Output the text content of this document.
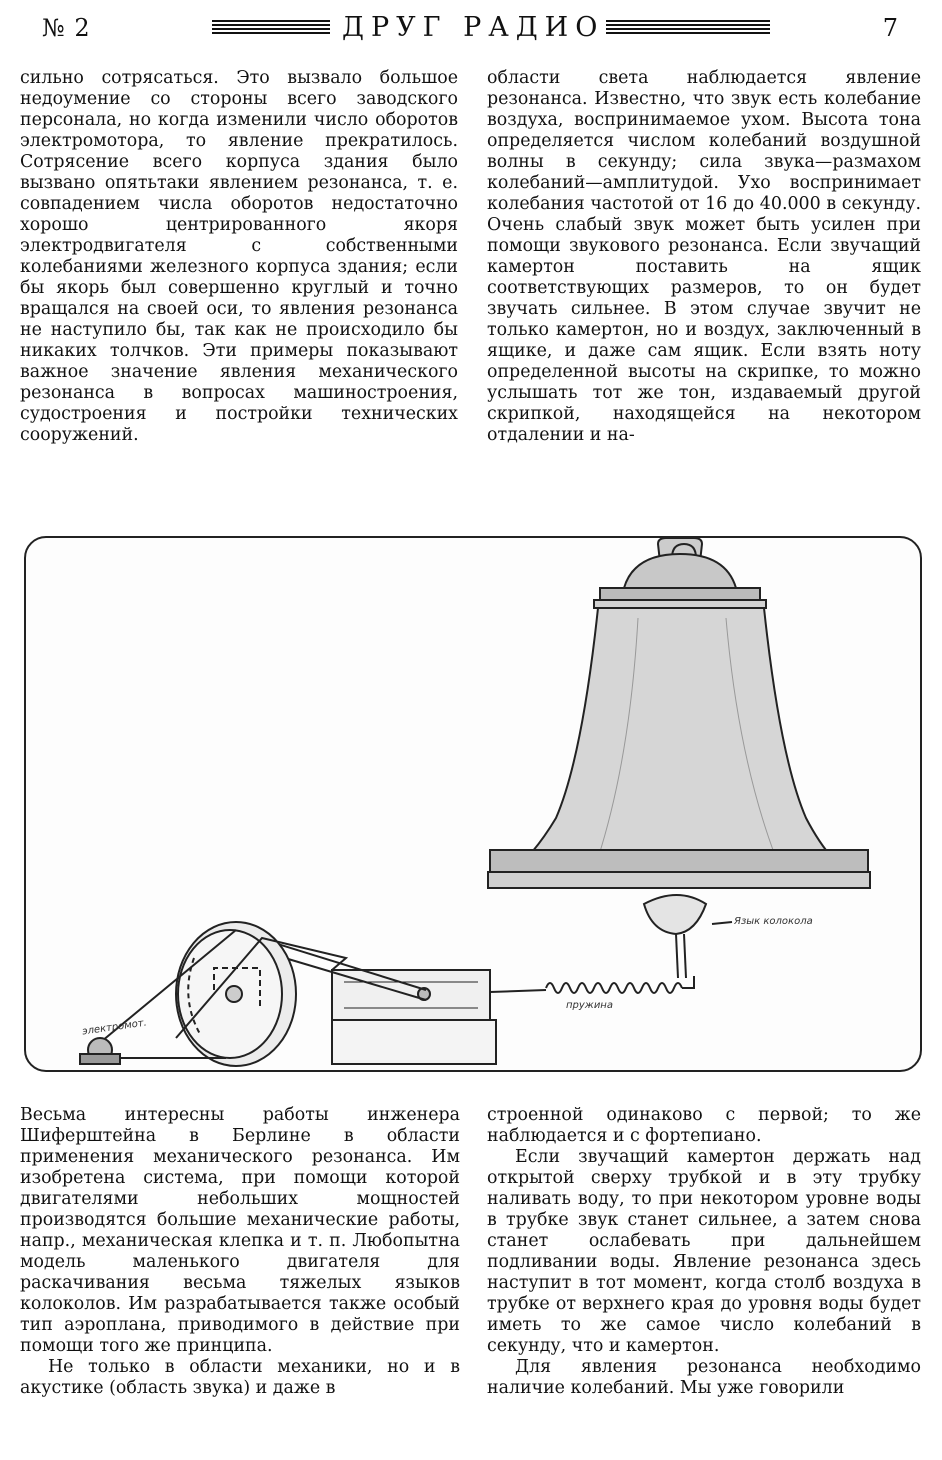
№ 2	ДРУГ РАДИО	7

сильно сотрясаться. Это вызвало большое недоумение со стороны всего заводского персонала, но когда изменили число оборотов электромотора, то явление прекратилось. Сотрясение всего корпуса здания было вызвано опятьтаки явлением резонанса, т. е. совпадением числа оборотов недостаточно хорошо центрированного якоря электродвигателя с собственными колебаниями железного корпуса здания; если бы якорь был совершенно круглый и точно вращался на своей оси, то явления резонанса не наступило бы, так как не происходило бы никаких толчков. Эти примеры показывают важное значение явления механического резонанса в вопросах машиностроения, судостроения и постройки технических сооружений.

области света наблюдается явление резонанса. Известно, что звук есть колебание воздуха, воспринимаемое ухом. Высота тона определяется числом колебаний воздушной волны в секунду; сила звука—размахом колебаний—амплитудой. Ухо воспринимает колебания частотой от 16 до 40.000 в секунду. Очень слабый звук может быть усилен при помощи звукового резонанса. Если звучащий камертон поставить на ящик соответствующих размеров, то он будет звучать сильнее. В этом случае звучит не только камертон, но и воздух, заключенный в ящике, и даже сам ящик. Если взять ноту определенной высоты на скрипке, то можно услышать тот же тон, издаваемый другой скрипкой, находящейся на некотором отдалении и на-

Язык колокола
пружина
электромот.

Весьма интересны работы инженера Шиферштейна в Берлине в области применения механического резонанса. Им изобретена система, при помощи которой двигателями небольших мощностей производятся большие механические работы, напр., механическая клепка и т. п. Любопытна модель маленького двигателя для раскачивания весьма тяжелых языков колоколов. Им разрабатывается также особый тип аэроплана, приводимого в действие при помощи того же принципа.

Не только в области механики, но и в акустике (область звука) и даже в

строенной одинаково с первой; то же наблюдается и с фортепиано.

Если звучащий камертон держать над открытой сверху трубкой и в эту трубку наливать воду, то при некотором уровне воды в трубке звук станет сильнее, а затем снова станет ослабевать при дальнейшем подливании воды. Явление резонанса здесь наступит в тот момент, когда столб воздуха в трубке от верхнего края до уровня воды будет иметь то же самое число колебаний в секунду, что и камертон.

Для явления резонанса необходимо наличие колебаний. Мы уже говорили
